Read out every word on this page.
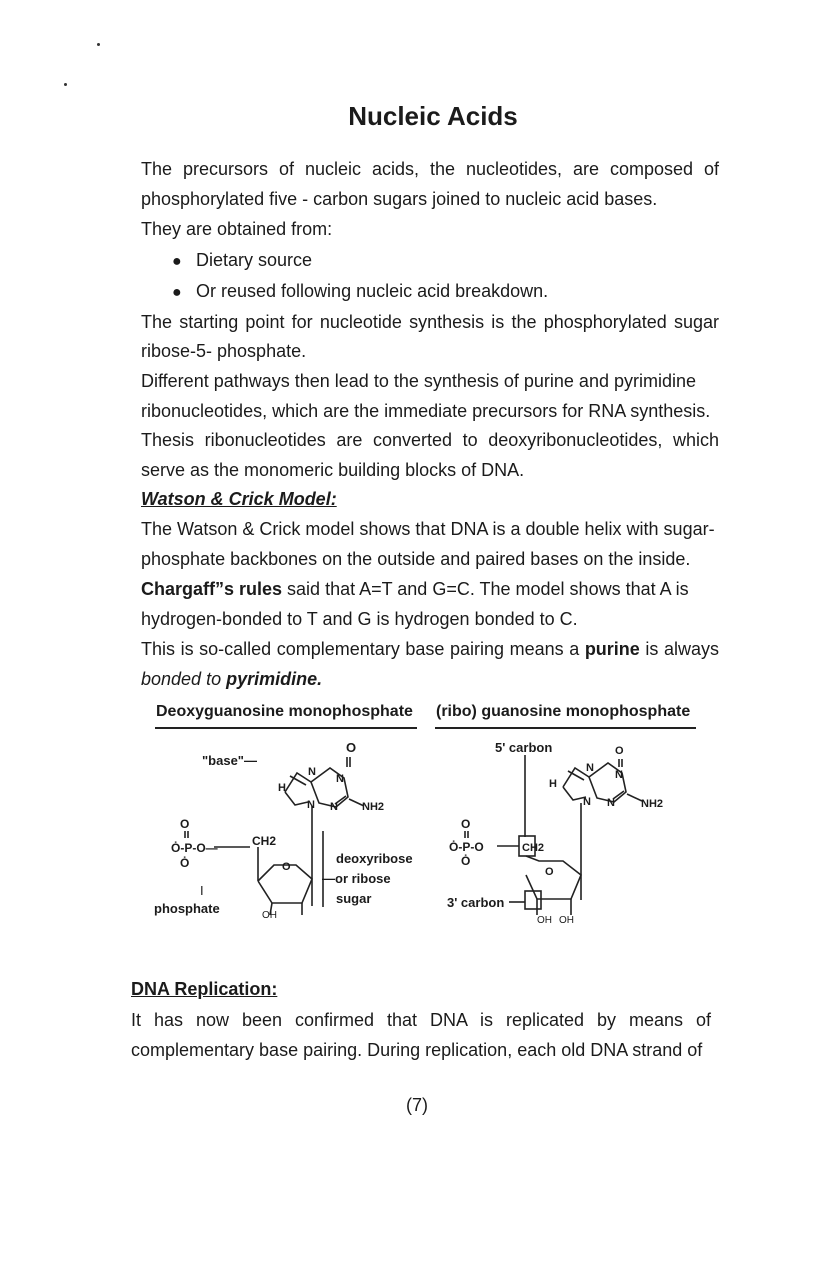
Nucleic Acids
The precursors of nucleic acids, the nucleotides, are composed of
phosphorylated five - carbon sugars joined to nucleic acid bases.
They are obtained from:
● Dietary source
● Or reused following nucleic acid breakdown.
The starting point for nucleotide synthesis is the phosphorylated sugar
ribose-5- phosphate.
Different pathways then lead to the synthesis of purine and pyrimidine
ribonucleotides, which are the immediate precursors for RNA synthesis.
Thesis ribonucleotides are converted to deoxyribonucleotides, which
serve as the monomeric building blocks of DNA.
Watson & Crick Model:
The Watson & Crick model shows that DNA is a double helix with sugar-
phosphate backbones on the outside and paired bases on the inside.
Chargaff”s rules said that A=T and G=C. The model shows that A is
hydrogen-bonded to T and G is hydrogen bonded to C.
This is so-called complementary base pairing means a purine is always
bonded to pyrimidine.
Deoxyguanosine monophosphate (ribo) guanosine monophosphate
"base"—
O
N
N
H
N N NH2
O
Ȯ-P-O—	CH2
Ȯ	O
deoxyribose
—or ribose
sugar
I
phosphate	OH
5' carbon	O
N
N
H
N N NH2
O
Ȯ-P-O	CH2
Ȯ
O
3' carbon
OH OH
DNA Replication:
It has now been confirmed that DNA is replicated by means of
complementary base pairing. During replication, each old DNA strand of
(7)
